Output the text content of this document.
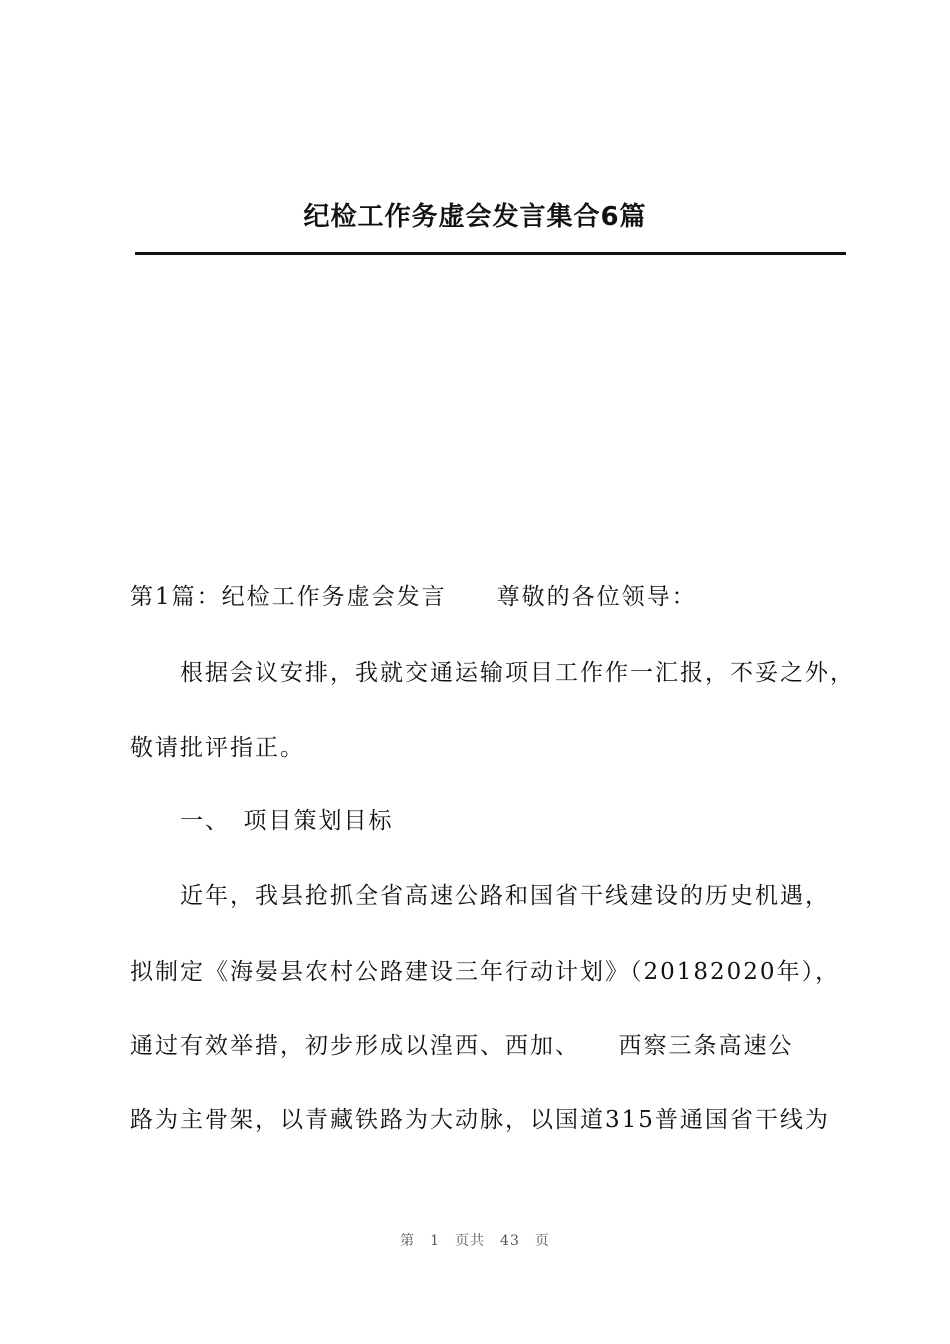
纪检工作务虚会发言集合6篇
第1篇：纪检工作务虚会发言　　尊敬的各位领导：
　　根据会议安排，我就交通运输项目工作作一汇报，不妥之外，
敬请批评指正。
　　一、　项目策划目标
　　近年，我县抢抓全省高速公路和国省干线建设的历史机遇，
拟制定《海晏县农村公路建设三年行动计划》（20182020年），
通过有效举措，初步形成以湟西、西加、　　西察三条高速公
路为主骨架，以青藏铁路为大动脉，以国道315普通国省干线为
第　1　页共　43　页
